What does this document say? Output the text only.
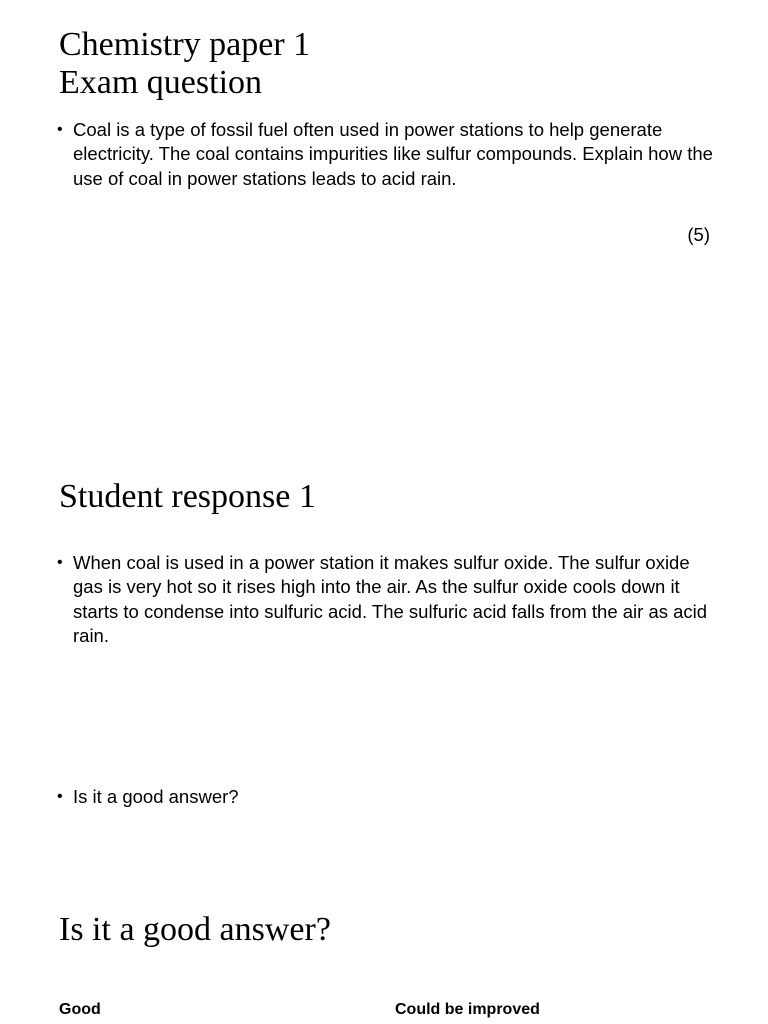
Chemistry paper 1
Exam question
• Coal is a type of fossil fuel often used in power stations to help generate electricity. The coal contains impurities like sulfur compounds. Explain how the use of coal in power stations leads to acid rain.
(5)
Student response 1
• When coal is used in a power station it makes sulfur oxide. The sulfur oxide gas is very hot so it rises high into the air. As the sulfur oxide cools down it starts to condense into sulfuric acid. The sulfuric acid falls from the air as acid rain.
• Is it a good answer?
Is it a good answer?
Good	Could be improved
